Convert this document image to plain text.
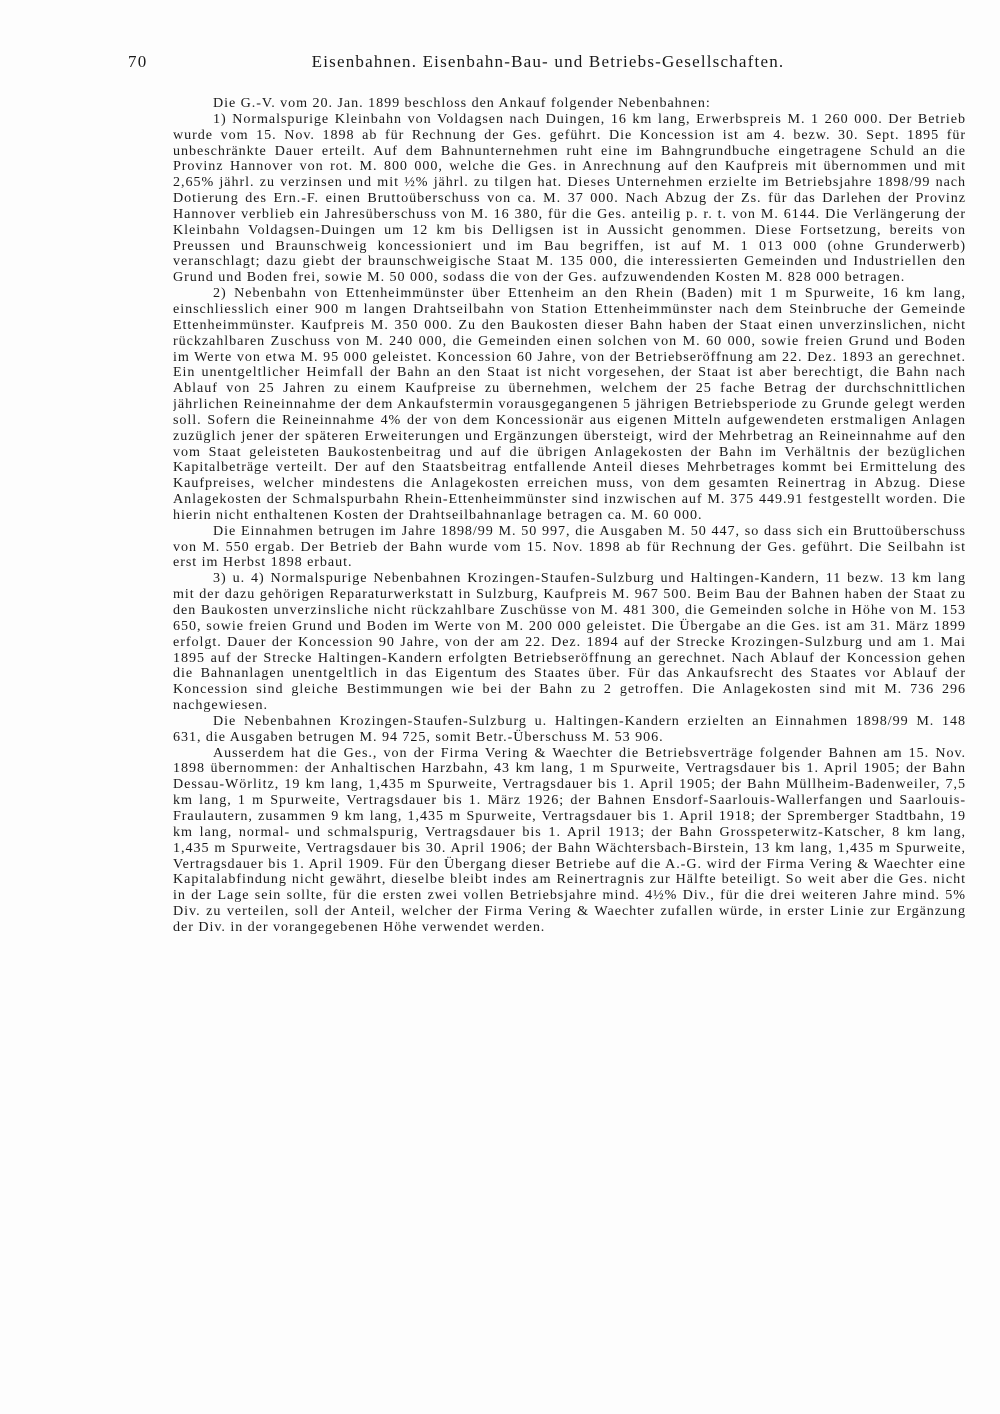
70	Eisenbahnen. Eisenbahn-Bau- und Betriebs-Gesellschaften.

Die G.-V. vom 20. Jan. 1899 beschloss den Ankauf folgender Nebenbahnen:

1) Normalspurige Kleinbahn von Voldagsen nach Duingen, 16 km lang, Erwerbspreis M. 1 260 000. Der Betrieb wurde vom 15. Nov. 1898 ab für Rechnung der Ges. geführt. Die Koncession ist am 4. bezw. 30. Sept. 1895 für unbeschränkte Dauer erteilt. Auf dem Bahnunternehmen ruht eine im Bahngrundbuche eingetragene Schuld an die Provinz Hannover von rot. M. 800 000, welche die Ges. in Anrechnung auf den Kaufpreis mit übernommen und mit 2,65% jährl. zu verzinsen und mit ½% jährl. zu tilgen hat. Dieses Unternehmen erzielte im Betriebsjahre 1898/99 nach Dotierung des Ern.-F. einen Bruttoüberschuss von ca. M. 37 000. Nach Abzug der Zs. für das Darlehen der Provinz Hannover verblieb ein Jahresüberschuss von M. 16 380, für die Ges. anteilig p. r. t. von M. 6144. Die Verlängerung der Kleinbahn Voldagsen-Duingen um 12 km bis Delligsen ist in Aussicht genommen. Diese Fortsetzung, bereits von Preussen und Braunschweig koncessioniert und im Bau begriffen, ist auf M. 1 013 000 (ohne Grunderwerb) veranschlagt; dazu giebt der braunschweigische Staat M. 135 000, die interessierten Gemeinden und Industriellen den Grund und Boden frei, sowie M. 50 000, sodass die von der Ges. aufzuwendenden Kosten M. 828 000 betragen.

2) Nebenbahn von Ettenheimmünster über Ettenheim an den Rhein (Baden) mit 1 m Spurweite, 16 km lang, einschliesslich einer 900 m langen Drahtseilbahn von Station Ettenheimmünster nach dem Steinbruche der Gemeinde Ettenheimmünster. Kaufpreis M. 350 000. Zu den Baukosten dieser Bahn haben der Staat einen unverzinslichen, nicht rückzahlbaren Zuschuss von M. 240 000, die Gemeinden einen solchen von M. 60 000, sowie freien Grund und Boden im Werte von etwa M. 95 000 geleistet. Koncession 60 Jahre, von der Betriebseröffnung am 22. Dez. 1893 an gerechnet. Ein unentgeltlicher Heimfall der Bahn an den Staat ist nicht vorgesehen, der Staat ist aber berechtigt, die Bahn nach Ablauf von 25 Jahren zu einem Kaufpreise zu übernehmen, welchem der 25 fache Betrag der durchschnittlichen jährlichen Reineinnahme der dem Ankaufstermin vorausgegangenen 5 jährigen Betriebsperiode zu Grunde gelegt werden soll. Sofern die Reineinnahme 4% der von dem Koncessionär aus eigenen Mitteln aufgewendeten erstmaligen Anlagen zuzüglich jener der späteren Erweiterungen und Ergänzungen übersteigt, wird der Mehrbetrag an Reineinnahme auf den vom Staat geleisteten Baukostenbeitrag und auf die übrigen Anlagekosten der Bahn im Verhältnis der bezüglichen Kapitalbeträge verteilt. Der auf den Staatsbeitrag entfallende Anteil dieses Mehrbetrages kommt bei Ermittelung des Kaufpreises, welcher mindestens die Anlagekosten erreichen muss, von dem gesamten Reinertrag in Abzug. Diese Anlagekosten der Schmalspurbahn Rhein-Ettenheimmünster sind inzwischen auf M. 375 449.91 festgestellt worden. Die hierin nicht enthaltenen Kosten der Drahtseilbahnanlage betragen ca. M. 60 000.

Die Einnahmen betrugen im Jahre 1898/99 M. 50 997, die Ausgaben M. 50 447, so dass sich ein Bruttoüberschuss von M. 550 ergab. Der Betrieb der Bahn wurde vom 15. Nov. 1898 ab für Rechnung der Ges. geführt. Die Seilbahn ist erst im Herbst 1898 erbaut.

3) u. 4) Normalspurige Nebenbahnen Krozingen-Staufen-Sulzburg und Haltingen-Kandern, 11 bezw. 13 km lang mit der dazu gehörigen Reparaturwerkstatt in Sulzburg, Kaufpreis M. 967 500. Beim Bau der Bahnen haben der Staat zu den Baukosten unverzinsliche nicht rückzahlbare Zuschüsse von M. 481 300, die Gemeinden solche in Höhe von M. 153 650, sowie freien Grund und Boden im Werte von M. 200 000 geleistet. Die Übergabe an die Ges. ist am 31. März 1899 erfolgt. Dauer der Koncession 90 Jahre, von der am 22. Dez. 1894 auf der Strecke Krozingen-Sulzburg und am 1. Mai 1895 auf der Strecke Haltingen-Kandern erfolgten Betriebseröffnung an gerechnet. Nach Ablauf der Koncession gehen die Bahnanlagen unentgeltlich in das Eigentum des Staates über. Für das Ankaufsrecht des Staates vor Ablauf der Koncession sind gleiche Bestimmungen wie bei der Bahn zu 2 getroffen. Die Anlagekosten sind mit M. 736 296 nachgewiesen.

Die Nebenbahnen Krozingen-Staufen-Sulzburg u. Haltingen-Kandern erzielten an Einnahmen 1898/99 M. 148 631, die Ausgaben betrugen M. 94 725, somit Betr.-Überschuss M. 53 906.

Ausserdem hat die Ges., von der Firma Vering & Waechter die Betriebsverträge folgender Bahnen am 15. Nov. 1898 übernommen: der Anhaltischen Harzbahn, 43 km lang, 1 m Spurweite, Vertragsdauer bis 1. April 1905; der Bahn Dessau-Wörlitz, 19 km lang, 1,435 m Spurweite, Vertragsdauer bis 1. April 1905; der Bahn Müllheim-Badenweiler, 7,5 km lang, 1 m Spurweite, Vertragsdauer bis 1. März 1926; der Bahnen Ensdorf-Saarlouis-Wallerfangen und Saarlouis-Fraulautern, zusammen 9 km lang, 1,435 m Spurweite, Vertragsdauer bis 1. April 1918; der Spremberger Stadtbahn, 19 km lang, normal- und schmalspurig, Vertragsdauer bis 1. April 1913; der Bahn Grosspeterwitz-Katscher, 8 km lang, 1,435 m Spurweite, Vertragsdauer bis 30. April 1906; der Bahn Wächtersbach-Birstein, 13 km lang, 1,435 m Spurweite, Vertragsdauer bis 1. April 1909. Für den Übergang dieser Betriebe auf die A.-G. wird der Firma Vering & Waechter eine Kapitalabfindung nicht gewährt, dieselbe bleibt indes am Reinertragnis zur Hälfte beteiligt. So weit aber die Ges. nicht in der Lage sein sollte, für die ersten zwei vollen Betriebsjahre mind. 4½% Div., für die drei weiteren Jahre mind. 5% Div. zu verteilen, soll der Anteil, welcher der Firma Vering & Waechter zufallen würde, in erster Linie zur Ergänzung der Div. in der vorangegebenen Höhe verwendet werden.
